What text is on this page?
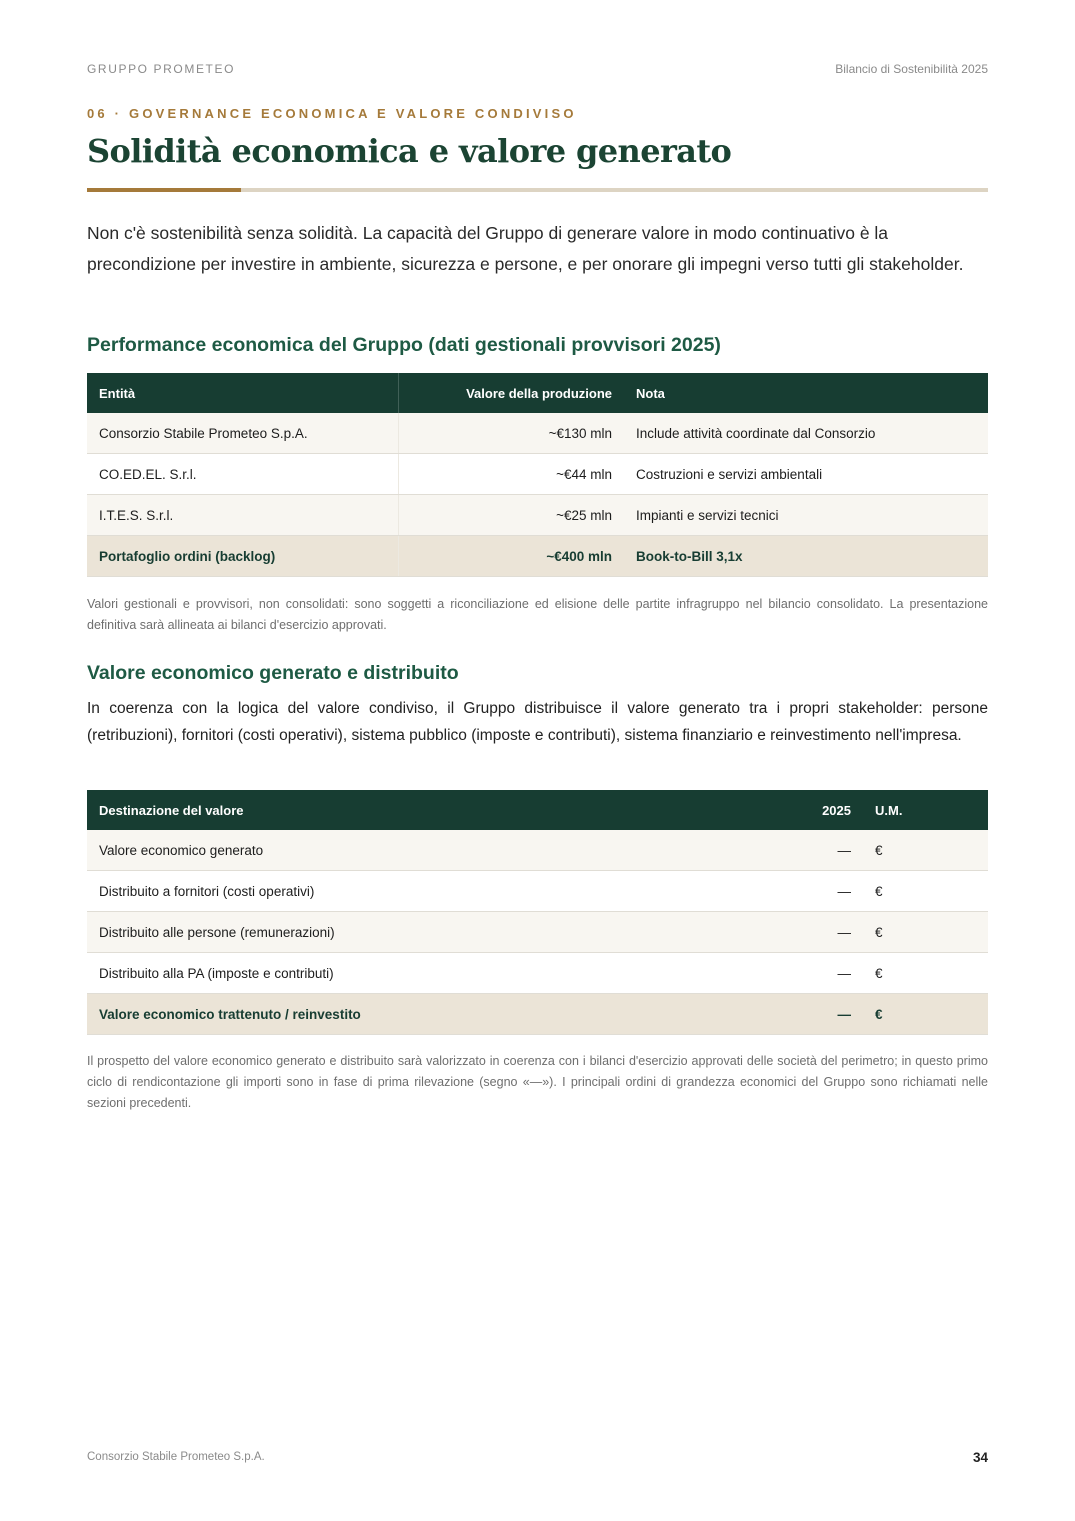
GRUPPO PROMETEO	Bilancio di Sostenibilità 2025
06 · GOVERNANCE ECONOMICA E VALORE CONDIVISO
Solidità economica e valore generato

Non c'è sostenibilità senza solidità. La capacità del Gruppo di generare valore in modo continuativo è la precondizione per investire in ambiente, sicurezza e persone, e per onorare gli impegni verso tutti gli stakeholder.

Performance economica del Gruppo (dati gestionali provvisori 2025)
Entità	Valore della produzione	Nota
Consorzio Stabile Prometeo S.p.A.	~€130 mln	Include attività coordinate dal Consorzio
CO.ED.EL. S.r.l.	~€44 mln	Costruzioni e servizi ambientali
I.T.E.S. S.r.l.	~€25 mln	Impianti e servizi tecnici
Portafoglio ordini (backlog)	~€400 mln	Book-to-Bill 3,1x

Valori gestionali e provvisori, non consolidati: sono soggetti a riconciliazione ed elisione delle partite infragruppo nel bilancio consolidato. La presentazione definitiva sarà allineata ai bilanci d'esercizio approvati.

Valore economico generato e distribuito

In coerenza con la logica del valore condiviso, il Gruppo distribuisce il valore generato tra i propri stakeholder: persone (retribuzioni), fornitori (costi operativi), sistema pubblico (imposte e contributi), sistema finanziario e reinvestimento nell'impresa.

Destinazione del valore	2025	U.M.
Valore economico generato	—	€
Distribuito a fornitori (costi operativi)	—	€
Distribuito alle persone (remunerazioni)	—	€
Distribuito alla PA (imposte e contributi)	—	€
Valore economico trattenuto / reinvestito	—	€

Il prospetto del valore economico generato e distribuito sarà valorizzato in coerenza con i bilanci d'esercizio approvati delle società del perimetro; in questo primo ciclo di rendicontazione gli importi sono in fase di prima rilevazione (segno «—»). I principali ordini di grandezza economici del Gruppo sono richiamati nelle sezioni precedenti.

Consorzio Stabile Prometeo S.p.A.	34
